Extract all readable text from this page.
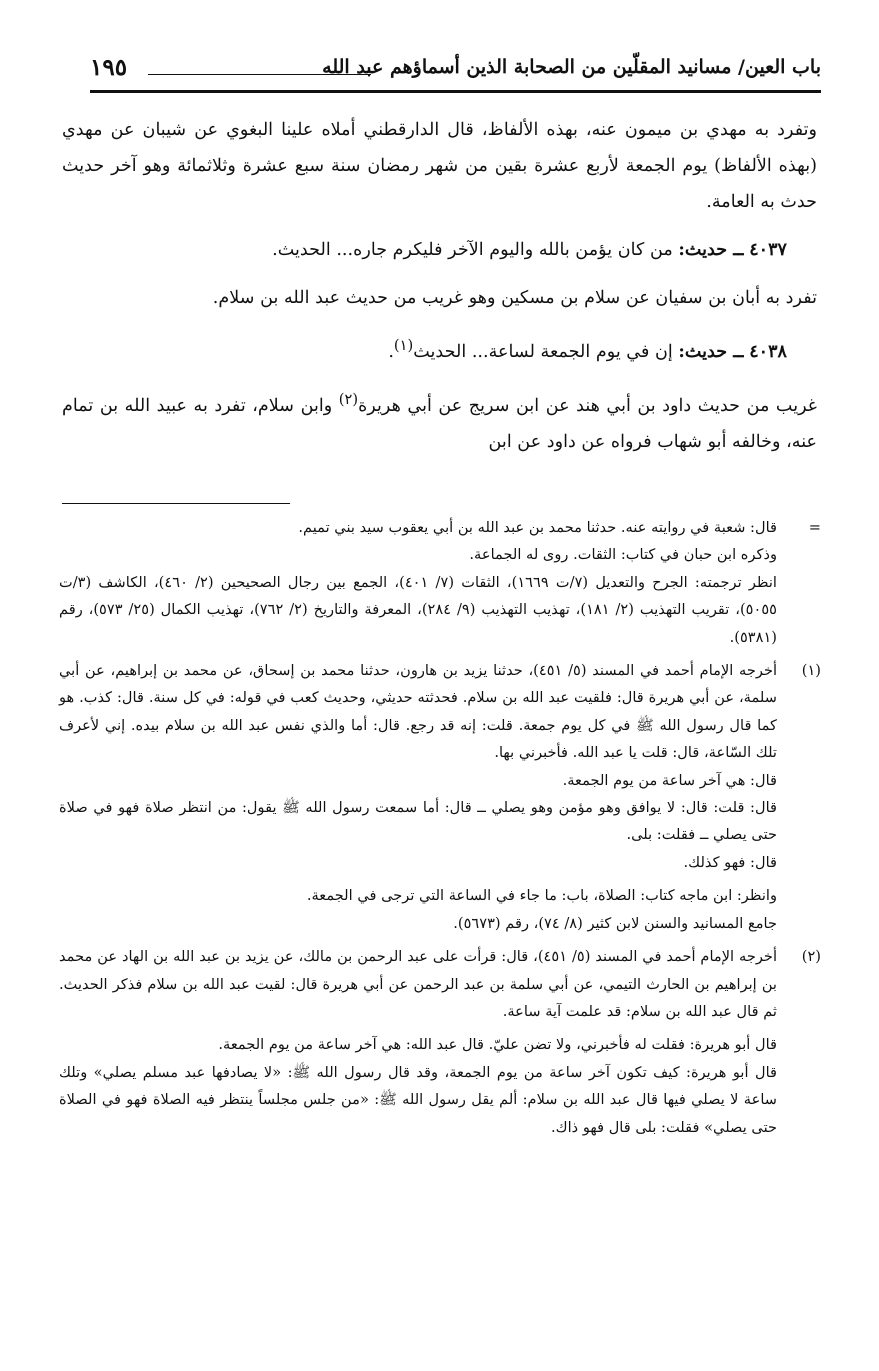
باب العين/ مسانيد المقلّين من الصحابة الذين أسماؤهم عبد الله
١٩٥

وتفرد به مهدي بن ميمون عنه، بهذه الألفاظ، قال الدارقطني أملاه علينا البغوي عن شيبان عن مهدي (بهذه الألفاظ) يوم الجمعة لأربع عشرة بقين من شهر رمضان سنة سبع عشرة وثلاثمائة وهو آخر حديث حدث به العامة.

٤٠٣٧ ــ حديث: من كان يؤمن بالله واليوم الآخر فليكرم جاره... الحديث.

تفرد به أبان بن سفيان عن سلام بن مسكين وهو غريب من حديث عبد الله بن سلام.

٤٠٣٨ ــ حديث: إن في يوم الجمعة لساعة... الحديث$^{(١)}$.

غريب من حديث داود بن أبي هند عن ابن سريج عن أبي هريرة$^{(٢)}$ وابن سلام، تفرد به عبيد الله بن تمام عنه، وخالفه أبو شهاب فرواه عن داود عن ابن

=

قال: شعبة في روايته عنه. حدثنا محمد بن عبد الله بن أبي يعقوب سيد بني تميم.

وذكره ابن حبان في كتاب: الثقات. روى له الجماعة.

انظر ترجمته: الجرح والتعديل (٧/ت ١٦٦٩)، الثقات (٧/ ٤٠١)، الجمع بين رجال الصحيحين (٢/ ٤٦٠)، الكاشف (٣/ت ٥٠٥٥)، تقريب التهذيب (٢/ ١٨١)، تهذيب التهذيب (٩/ ٢٨٤)، المعرفة والتاريخ (٢/ ٧٦٢)، تهذيب الكمال (٢٥/ ٥٧٣)، رقم (٥٣٨١).

(١)

أخرجه الإمام أحمد في المسند (٥/ ٤٥١)، حدثنا يزيد بن هارون، حدثنا محمد بن إسحاق، عن محمد بن إبراهيم، عن أبي سلمة، عن أبي هريرة قال: فلقيت عبد الله بن سلام. فحدثته حديثي، وحديث كعب في قوله: في كل سنة. قال: كذب. هو كما قال رسول الله ﷺ في كل يوم جمعة. قلت: إنه قد رجع. قال: أما والذي نفس عبد الله بن سلام بيده. إني لأعرف تلك السّاعة، قال: قلت يا عبد الله. فأخبرني بها.

قال: هي آخر ساعة من يوم الجمعة.

قال: قلت: قال: لا يوافق وهو مؤمن وهو يصلي ــ قال: أما سمعت رسول الله ﷺ يقول: من انتظر صلاة فهو في صلاة حتى يصلي ــ فقلت: بلى.

قال: فهو كذلك.

وانظر: ابن ماجه كتاب: الصلاة، باب: ما جاء في الساعة التي ترجى في الجمعة.

جامع المسانيد والسنن لابن كثير (٨/ ٧٤)، رقم (٥٦٧٣).

(٢)

أخرجه الإمام أحمد في المسند (٥/ ٤٥١)، قال: قرأت على عبد الرحمن بن مالك، عن يزيد بن عبد الله بن الهاد عن محمد بن إبراهيم بن الحارث التيمي، عن أبي سلمة بن عبد الرحمن عن أبي هريرة قال: لقيت عبد الله بن سلام فذكر الحديث. ثم قال عبد الله بن سلام: قد علمت آية ساعة.

قال أبو هريرة: فقلت له فأخبرني، ولا تضن عليّ. قال عبد الله: هي آخر ساعة من يوم الجمعة.

قال أبو هريرة: كيف تكون آخر ساعة من يوم الجمعة، وقد قال رسول الله ﷺ: «لا يصادفها عبد مسلم يصلي» وتلك ساعة لا يصلي فيها قال عبد الله بن سلام: ألم يقل رسول الله ﷺ: «من جلس مجلساً ينتظر فيه الصلاة فهو في الصلاة حتى يصلي» فقلت: بلى قال فهو ذاك.
